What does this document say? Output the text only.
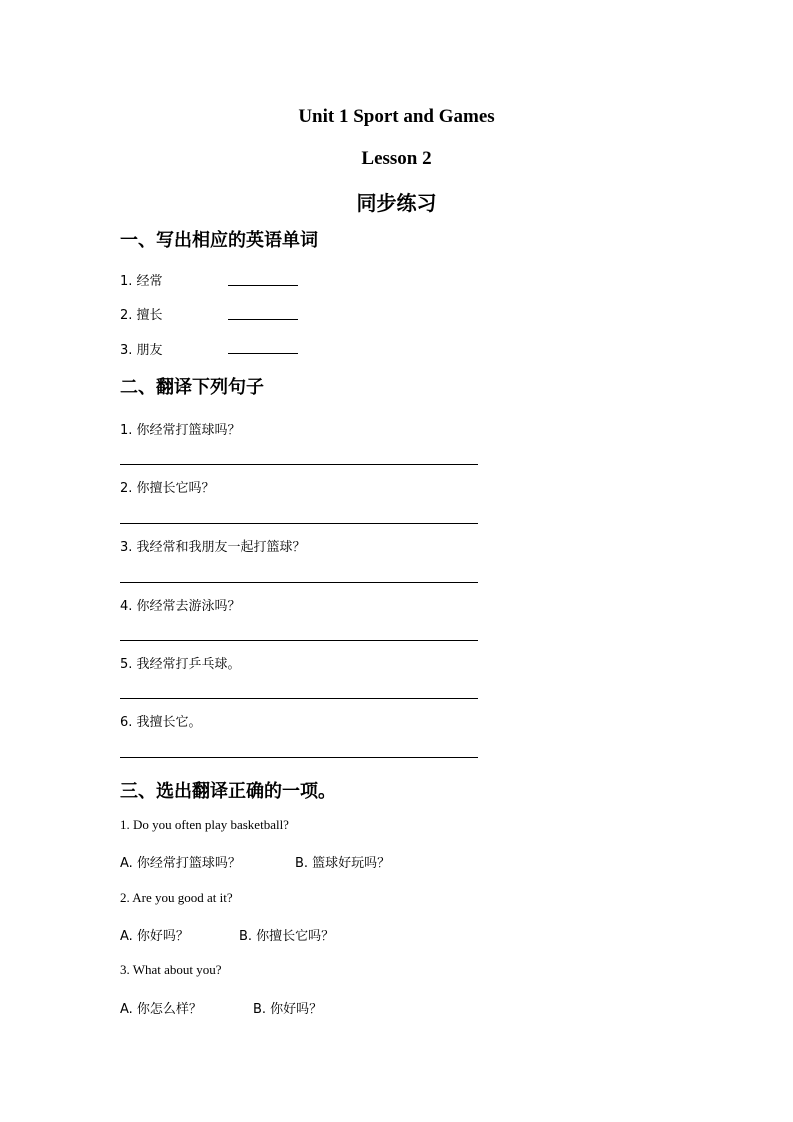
Unit 1 Sport and Games
Lesson 2
同步练习
一、写出相应的英语单词
1. 经常
2. 擅长
3. 朋友
二、翻译下列句子
1. 你经常打篮球吗？
2. 你擅长它吗？
3. 我经常和我朋友一起打篮球？
4. 你经常去游泳吗？
5. 我经常打乒乓球。
6. 我擅长它。
三、选出翻译正确的一项。
1. Do you often play basketball?
A. 你经常打篮球吗？	B. 篮球好玩吗？
2. Are you good at it?
A. 你好吗？	B. 你擅长它吗？
3. What about you?
A. 你怎么样？	B. 你好吗？
